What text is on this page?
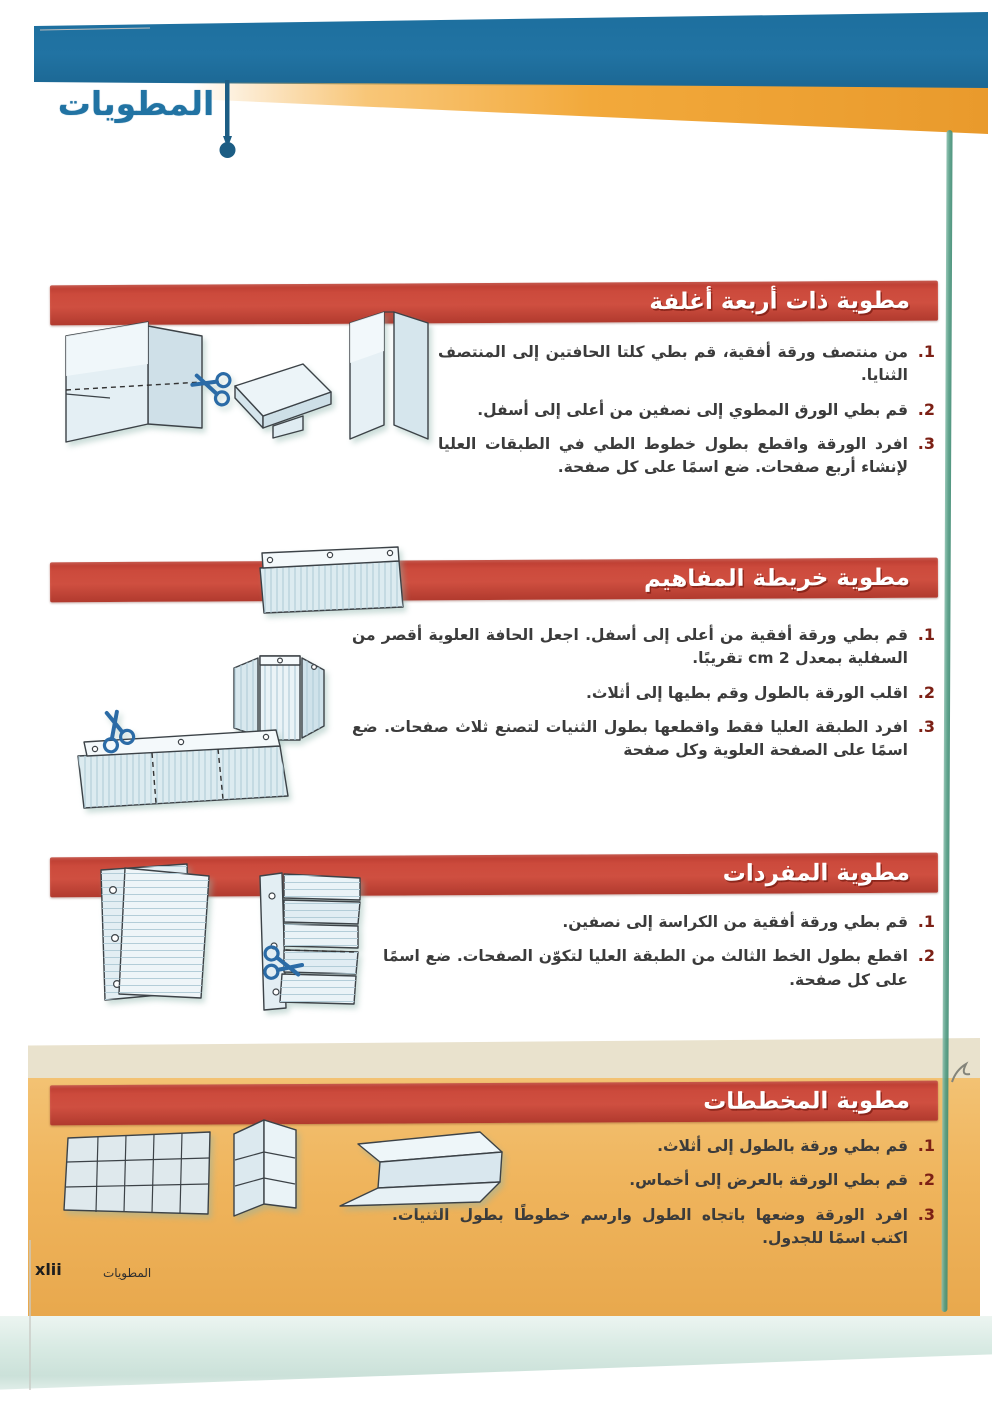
المطويات
مطوية ذات أربعة أغلفة
1.
من منتصف ورقة أفقية، قم بطي كلتا الحافتين إلى المنتصف الثنايا.
2.
قم بطي الورق المطوي إلى نصفين من أعلى إلى أسفل.
3.
افرد الورقة واقطع بطول خطوط الطي في الطبقات العليا لإنشاء أربع صفحات. ضع اسمًا على كل صفحة.
مطوية خريطة المفاهيم
1.
قم بطي ورقة أفقية من أعلى إلى أسفل. اجعل الحافة العلوية أقصر من السفلية بمعدل 2 cm تقريبًا.
2.
اقلب الورقة بالطول وقم بطيها إلى أثلاث.
3.
افرد الطبقة العليا فقط واقطعها بطول الثنيات لتصنع ثلاث صفحات. ضع اسمًا على الصفحة العلوية وكل صفحة
مطوية المفردات
1.
قم بطي ورقة أفقية من الكراسة إلى نصفين.
2.
اقطع بطول الخط الثالث من الطبقة العليا لتكوّن الصفحات. ضع اسمًا على كل صفحة.
مطوية المخططات
1.
قم بطي ورقة بالطول إلى أثلاث.
2.
قم بطي الورقة بالعرض إلى أخماس.
3.
افرد الورقة وضعها باتجاه الطول وارسم خطوطًا بطول الثنيات. اكتب اسمًا للجدول.
xlii	المطويات
